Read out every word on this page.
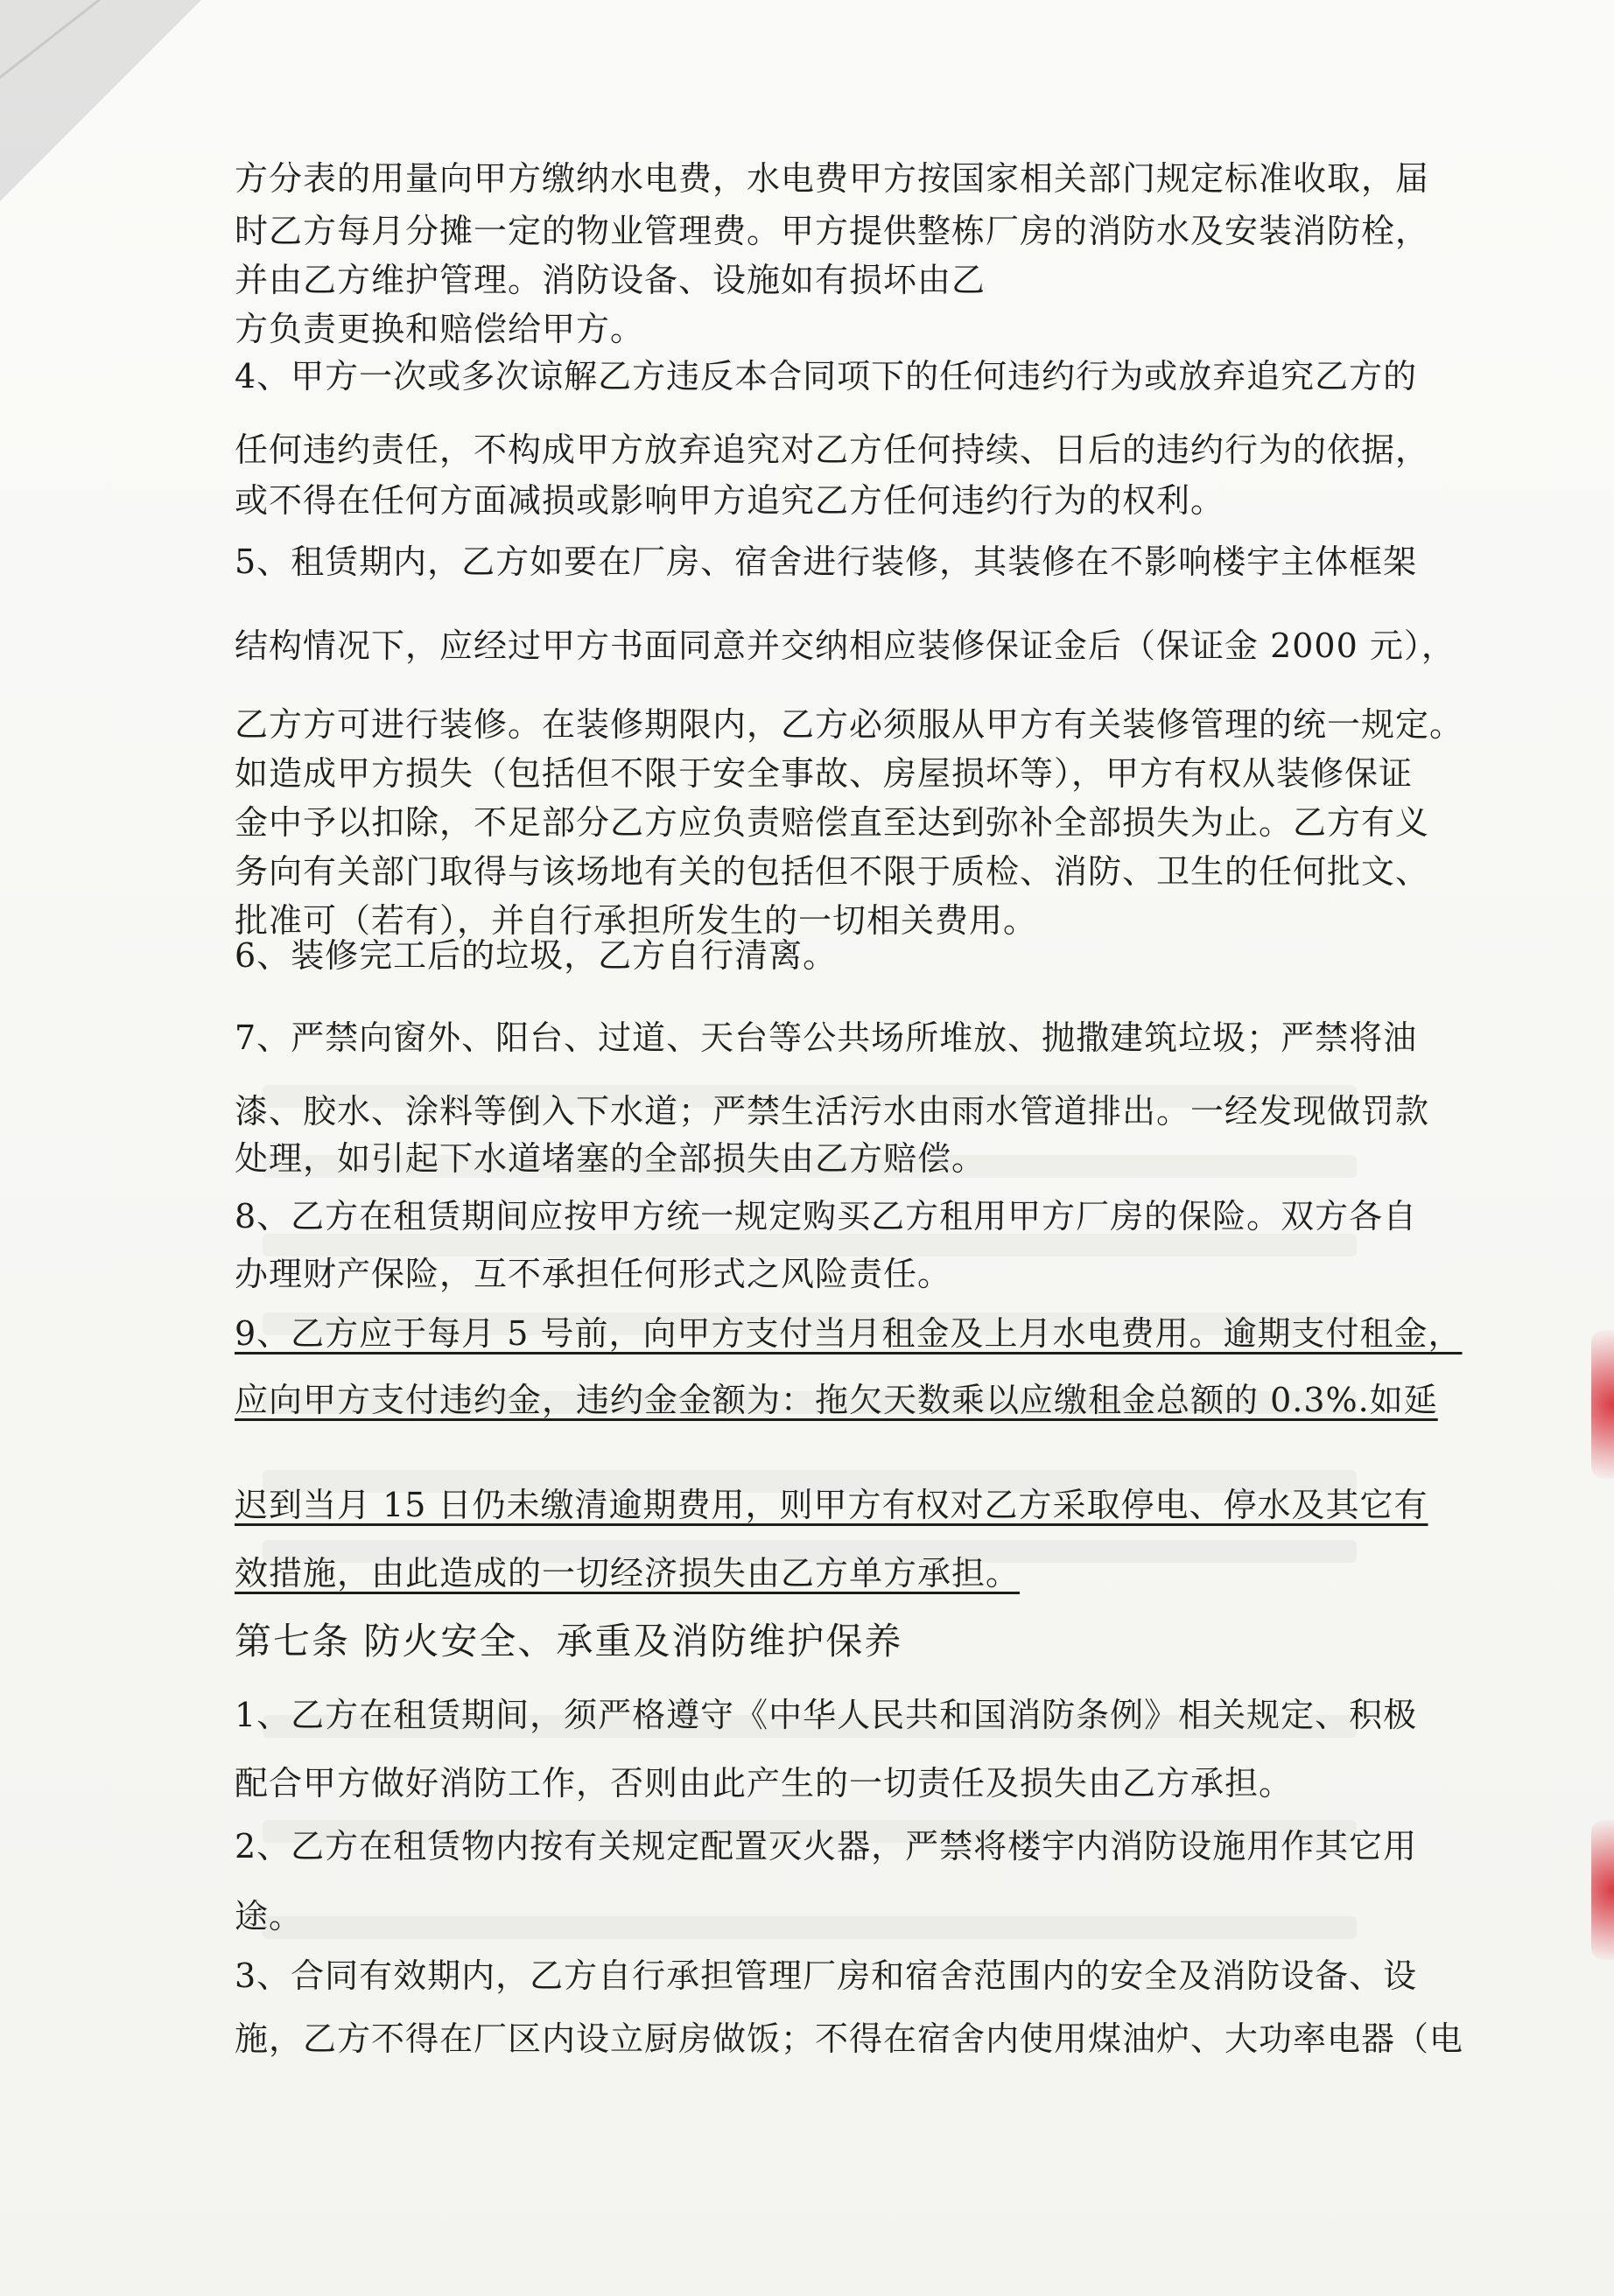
方分表的用量向甲方缴纳水电费，水电费甲方按国家相关部门规定标准收取，届

时乙方每月分摊一定的物业管理费。甲方提供整栋厂房的消防水及安装消防栓，

并由乙方维护管理。消防设备、设施如有损坏由乙

方负责更换和赔偿给甲方。

4、甲方一次或多次谅解乙方违反本合同项下的任何违约行为或放弃追究乙方的

任何违约责任，不构成甲方放弃追究对乙方任何持续、日后的违约行为的依据，

或不得在任何方面减损或影响甲方追究乙方任何违约行为的权利。

5、租赁期内，乙方如要在厂房、宿舍进行装修，其装修在不影响楼宇主体框架

结构情况下，应经过甲方书面同意并交纳相应装修保证金后（保证金 2000 元），

乙方方可进行装修。在装修期限内，乙方必须服从甲方有关装修管理的统一规定。

如造成甲方损失（包括但不限于安全事故、房屋损坏等），甲方有权从装修保证

金中予以扣除，不足部分乙方应负责赔偿直至达到弥补全部损失为止。乙方有义

务向有关部门取得与该场地有关的包括但不限于质检、消防、卫生的任何批文、

批准可（若有），并自行承担所发生的一切相关费用。

6、装修完工后的垃圾，乙方自行清离。

7、严禁向窗外、阳台、过道、天台等公共场所堆放、抛撒建筑垃圾；严禁将油

漆、胶水、涂料等倒入下水道；严禁生活污水由雨水管道排出。一经发现做罚款

处理，如引起下水道堵塞的全部损失由乙方赔偿。

8、乙方在租赁期间应按甲方统一规定购买乙方租用甲方厂房的保险。双方各自

办理财产保险，互不承担任何形式之风险责任。

9、乙方应于每月 5 号前，向甲方支付当月租金及上月水电费用。逾期支付租金，

应向甲方支付违约金，违约金金额为：拖欠天数乘以应缴租金总额的 0.3%.如延

迟到当月 15 日仍未缴清逾期费用，则甲方有权对乙方采取停电、停水及其它有

效措施，由此造成的一切经济损失由乙方单方承担。

第七条 防火安全、承重及消防维护保养

1、乙方在租赁期间，须严格遵守《中华人民共和国消防条例》相关规定、积极

配合甲方做好消防工作，否则由此产生的一切责任及损失由乙方承担。

2、乙方在租赁物内按有关规定配置灭火器，严禁将楼宇内消防设施用作其它用

途。

3、合同有效期内，乙方自行承担管理厂房和宿舍范围内的安全及消防设备、设

施，乙方不得在厂区内设立厨房做饭；不得在宿舍内使用煤油炉、大功率电器（电
